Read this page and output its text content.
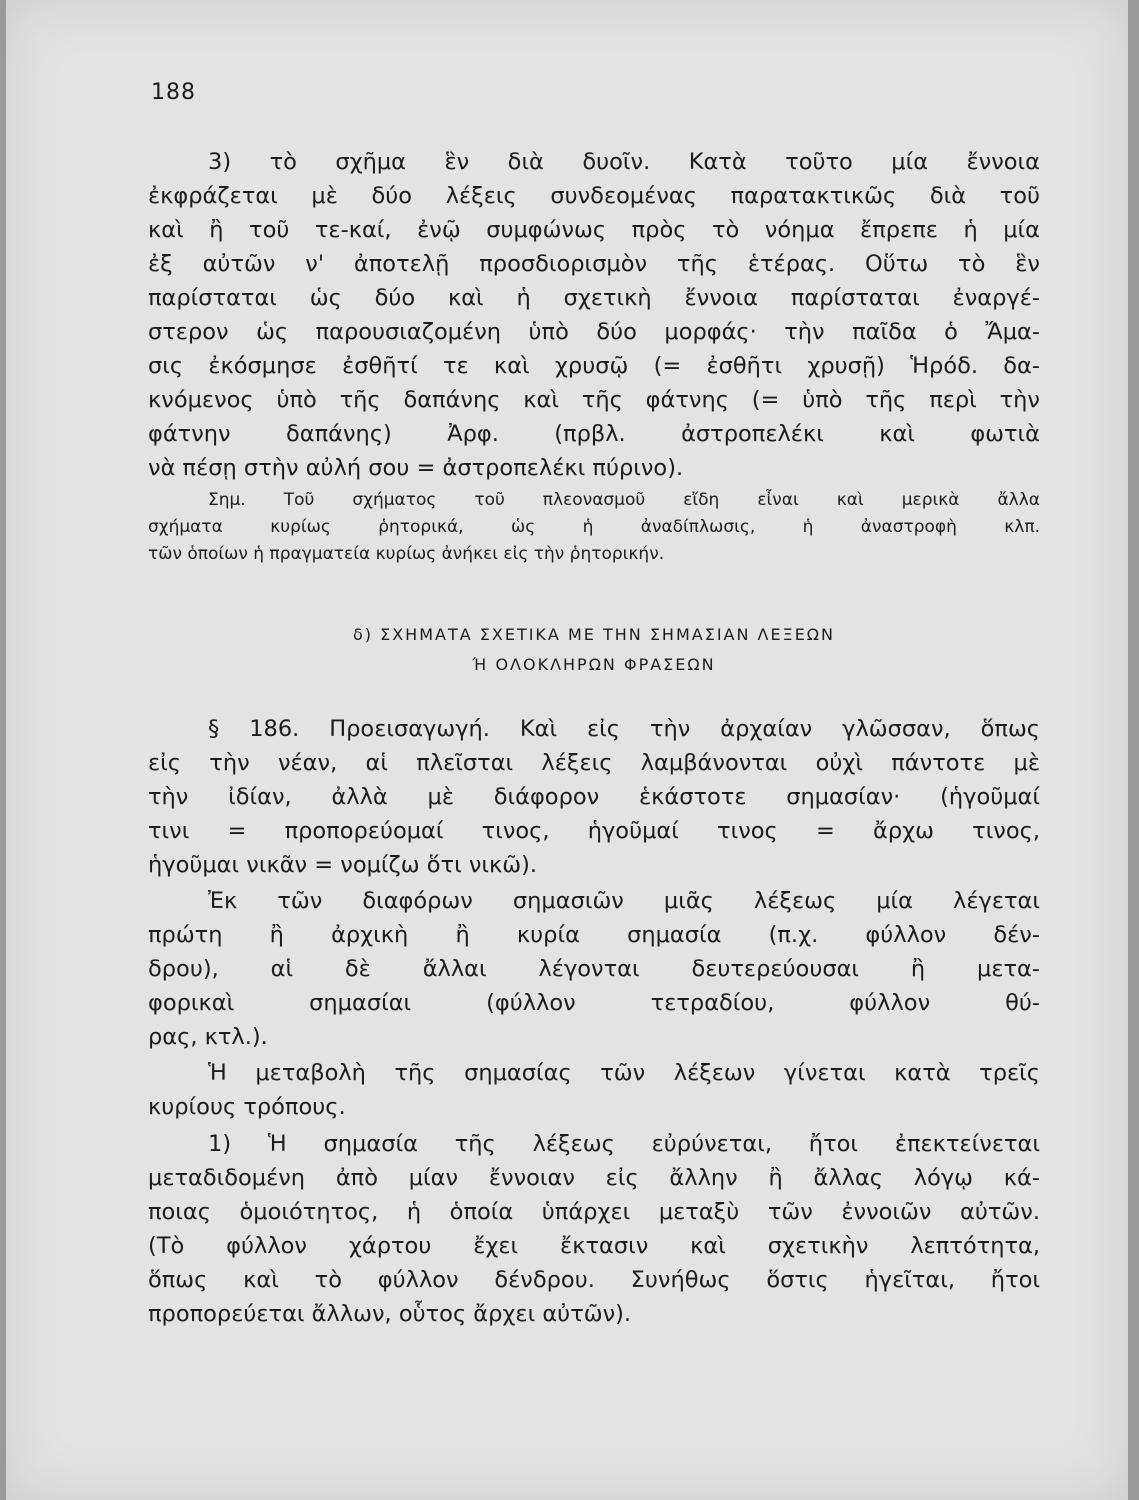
188
3) τὸ σχῆμα ἓν διὰ δυοῖν. Κατὰ τοῦτο μία ἔννοια
ἐκφράζεται μὲ δύο λέξεις συνδεομένας παρατακτικῶς διὰ τοῦ
καὶ ἢ τοῦ τε-καί, ἐνῷ συμφώνως πρὸς τὸ νόημα ἔπρεπε ἡ μία
ἐξ αὐτῶν ν' ἀποτελῇ προσδιορισμὸν τῆς ἑτέρας. Οὕτω τὸ ἓν
παρίσταται ὡς δύο καὶ ἡ σχετικὴ ἔννοια παρίσταται ἐναργέ-
στερον ὡς παρουσιαζομένη ὑπὸ δύο μορφάς· τὴν παῖδα ὁ Ἄμα-
σις ἐκόσμησε ἐσθῆτί τε καὶ χρυσῷ (= ἐσθῆτι χρυσῇ) Ἡρόδ. δα-
κνόμενος ὑπὸ τῆς δαπάνης καὶ τῆς φάτνης (= ὑπὸ τῆς περὶ τὴν
φάτνην δαπάνης) Ἀρφ. (πρβλ. ἀστροπελέκι καὶ φωτιὰ
νὰ πέσῃ στὴν αὐλή σου = ἀστροπελέκι πύρινο).
Σημ. Τοῦ σχήματος τοῦ πλεονασμοῦ εἴδη εἶναι καὶ μερικὰ ἄλλα
σχήματα κυρίως ῥητορικά, ὡς ἡ ἀναδίπλωσις, ἡ ἀναστροφὴ κλπ.
τῶν ὁποίων ἡ πραγματεία κυρίως ἀνήκει εἰς τὴν ῥητορικήν.
δ) ΣΧΗΜΑΤΑ ΣΧΕΤΙΚΑ ΜΕ ΤΗΝ ΣΗΜΑΣΙΑΝ ΛΕΞΕΩΝ
Ή ΟΛΟΚΛΗΡΩΝ ΦΡΑΣΕΩΝ
§ 186. Προεισαγωγή. Καὶ εἰς τὴν ἀρχαίαν γλῶσσαν, ὅπως
εἰς τὴν νέαν, αἱ πλεῖσται λέξεις λαμβάνονται οὐχὶ πάντοτε μὲ
τὴν ἰδίαν, ἀλλὰ μὲ διάφορον ἑκάστοτε σημασίαν· (ἡγοῦμαί
τινι = προπορεύομαί τινος, ἡγοῦμαί τινος = ἄρχω τινος,
ἡγοῦμαι νικᾶν = νομίζω ὅτι νικῶ).
Ἐκ τῶν διαφόρων σημασιῶν μιᾶς λέξεως μία λέγεται
πρώτη ἢ ἀρχικὴ ἢ κυρία σημασία (π.χ. φύλλον δέν-
δρου), αἱ δὲ ἄλλαι λέγονται δευτερεύουσαι ἢ μετα-
φορικαὶ σημασίαι (φύλλον τετραδίου, φύλλον θύ-
ρας, κτλ.).
Ἡ μεταβολὴ τῆς σημασίας τῶν λέξεων γίνεται κατὰ τρεῖς
κυρίους τρόπους.
1) Ἡ σημασία τῆς λέξεως εὐρύνεται, ἤτοι ἐπεκτείνεται
μεταδιδομένη ἀπὸ μίαν ἔννοιαν εἰς ἄλλην ἢ ἄλλας λόγῳ κά-
ποιας ὁμοιότητος, ἡ ὁποία ὑπάρχει μεταξὺ τῶν ἐννοιῶν αὐτῶν.
(Τὸ φύλλον χάρτου ἔχει ἔκτασιν καὶ σχετικὴν λεπτότητα,
ὅπως καὶ τὸ φύλλον δένδρου. Συνήθως ὅστις ἡγεῖται, ἤτοι
προπορεύεται ἄλλων, οὗτος ἄρχει αὐτῶν).
